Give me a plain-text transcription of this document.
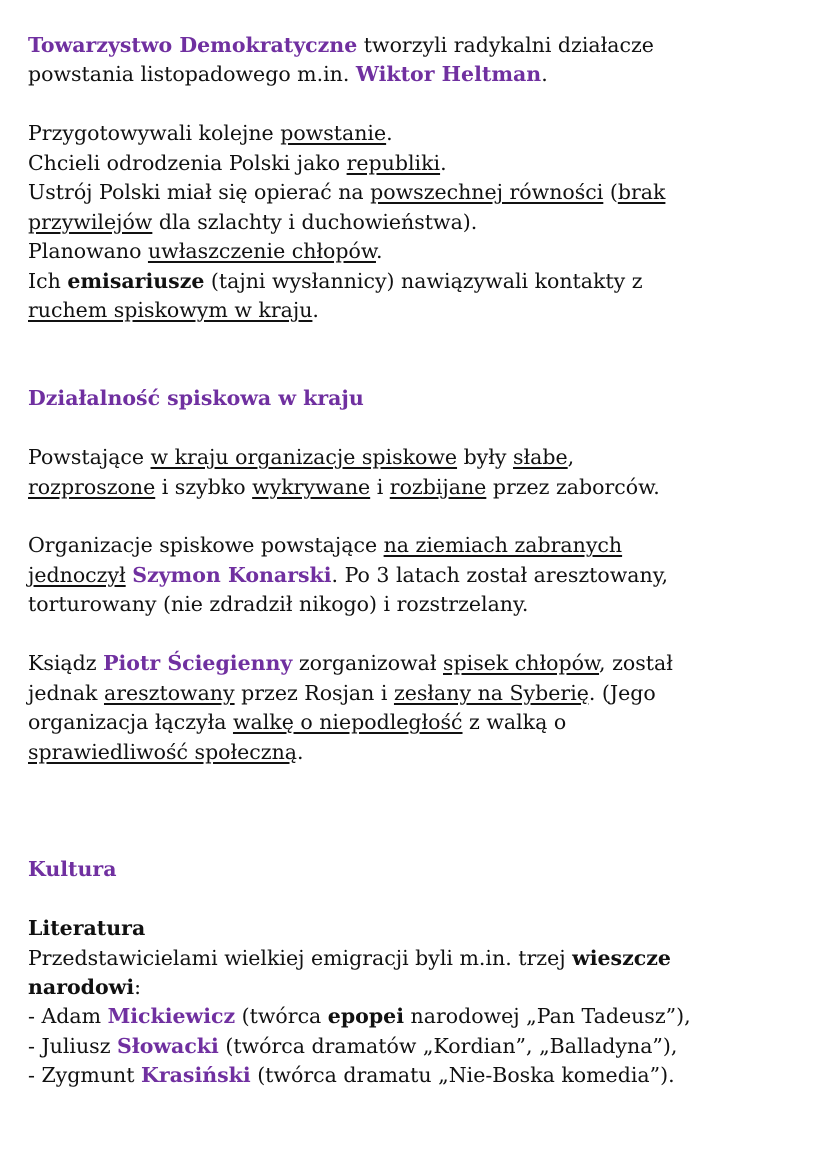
Towarzystwo Demokratyczne tworzyli radykalni działacze
powstania listopadowego m.in. Wiktor Heltman.
Przygotowywali kolejne powstanie.
Chcieli odrodzenia Polski jako republiki.
Ustrój Polski miał się opierać na powszechnej równości (brak
przywilejów dla szlachty i duchowieństwa).
Planowano uwłaszczenie chłopów.
Ich emisariusze (tajni wysłannicy) nawiązywali kontakty z
ruchem spiskowym w kraju.
Działalność spiskowa w kraju
Powstające w kraju organizacje spiskowe były słabe,
rozproszone i szybko wykrywane i rozbijane przez zaborców.
Organizacje spiskowe powstające na ziemiach zabranych
jednoczył Szymon Konarski. Po 3 latach został aresztowany,
torturowany (nie zdradził nikogo) i rozstrzelany.
Ksiądz Piotr Ściegienny zorganizował spisek chłopów, został
jednak aresztowany przez Rosjan i zesłany na Syberię. (Jego
organizacja łączyła walkę o niepodległość z walką o
sprawiedliwość społeczną.
Kultura
Literatura
Przedstawicielami wielkiej emigracji byli m.in. trzej wieszcze
narodowi:
- Adam Mickiewicz (twórca epopei narodowej „Pan Tadeusz”),
- Juliusz Słowacki (twórca dramatów „Kordian”, „Balladyna”),
- Zygmunt Krasiński (twórca dramatu „Nie-Boska komedia”).
